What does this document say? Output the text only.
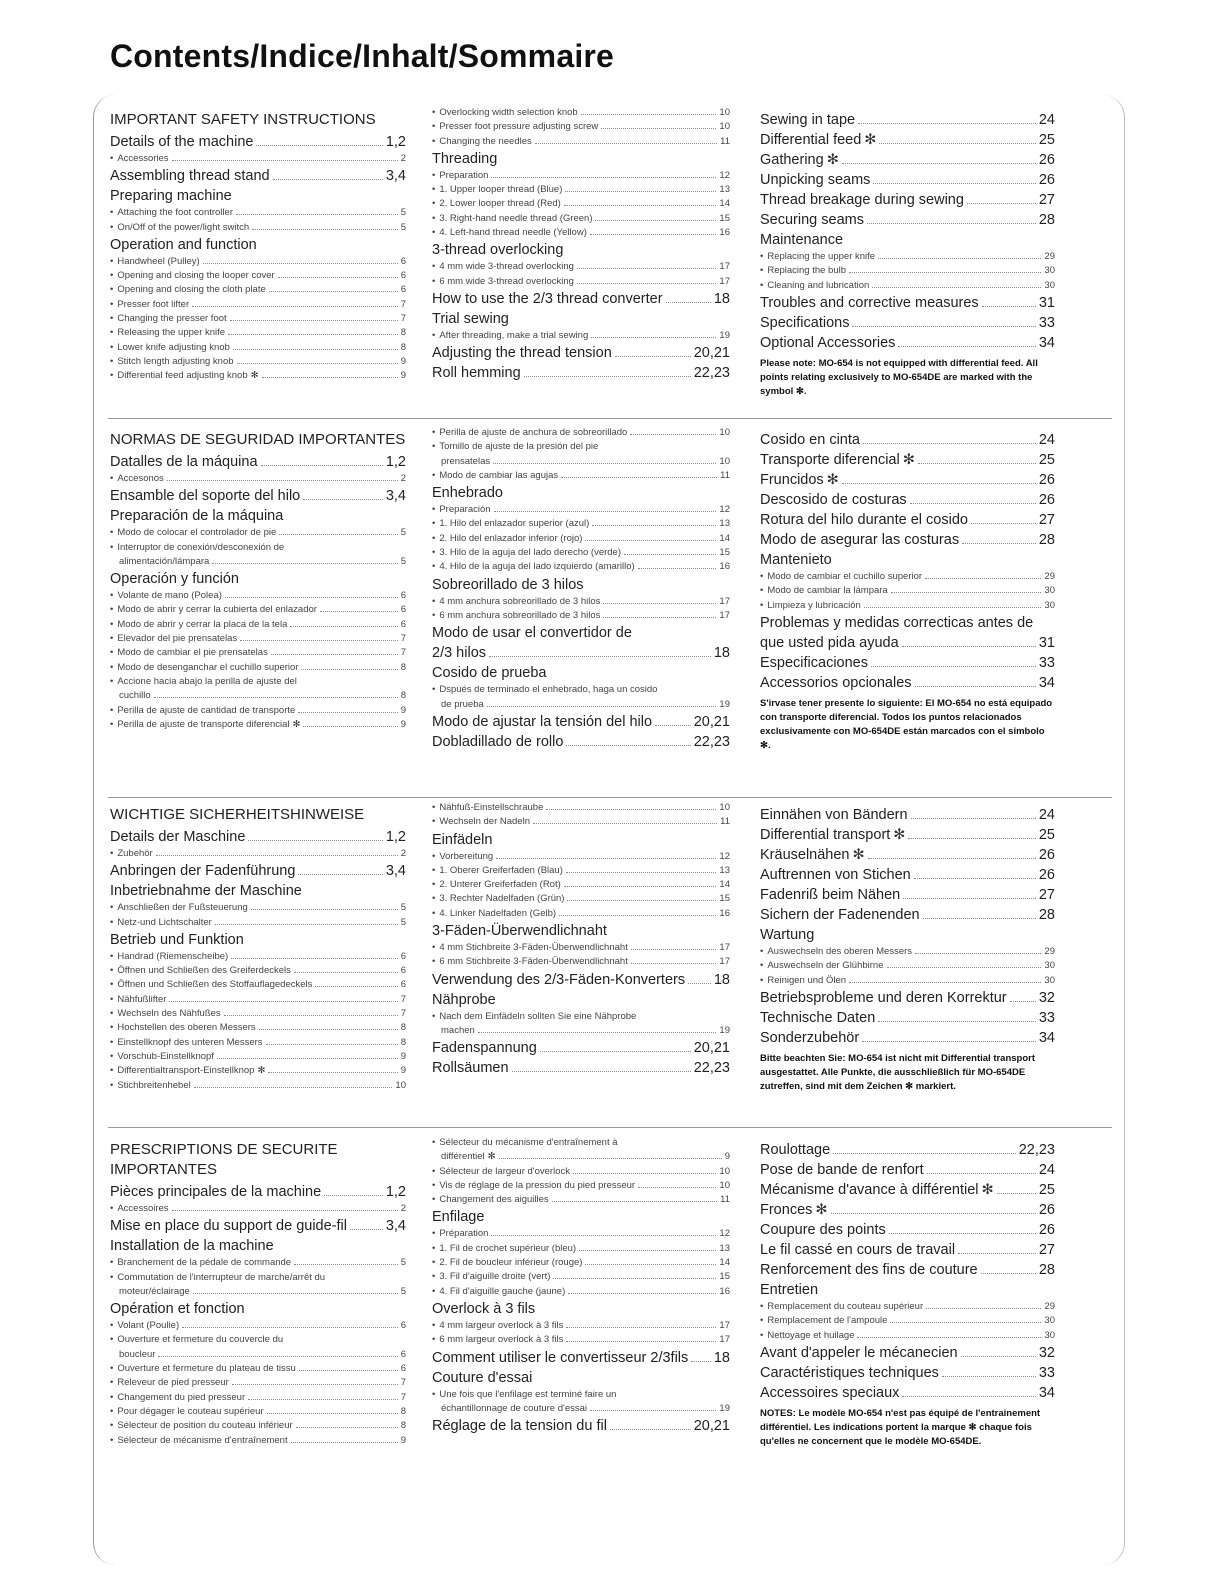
Contents/Indice/Inhalt/Sommaire
IMPORTANT SAFETY INSTRUCTIONS
Details of the machine	1,2
• Accessories	2
Assembling thread stand	3,4
Preparing machine
• Attaching the foot controller	5
• On/Off of the power/light switch	5
Operation and function
• Handwheel (Pulley)	6
• Opening and closing the looper cover	6
• Opening and closing the cloth plate	6
• Presser foot lifter	7
• Changing the presser foot	7
• Releasing the upper knife	8
• Lower knife adjusting knob	8
• Stitch length adjusting knob	9
• Differential feed adjusting knob ✻	9
• Overlocking width selection knob	10
• Presser foot pressure adjusting screw	10
• Changing the needles	11
Threading
• Preparation	12
• 1. Upper looper thread (Blue)	13
• 2. Lower looper thread (Red)	14
• 3. Right-hand needle thread (Green)	15
• 4. Left-hand thread needle (Yellow)	16
3-thread overlocking
• 4 mm wide 3-thread overlocking	17
• 6 mm wide 3-thread overlocking	17
How to use the 2/3 thread converter	18
Trial sewing
• After threading, make a trial sewing	19
Adjusting the thread tension	20,21
Roll hemming	22,23
Sewing in tape	24
Differential feed ✻	25
Gathering ✻	26
Unpicking seams	26
Thread breakage during sewing	27
Securing seams	28
Maintenance
• Replacing the upper knife	29
• Replacing the bulb	30
• Cleaning and lubrication	30
Troubles and corrective measures	31
Specifications	33
Optional Accessories	34
Please note: MO-654 is not equipped with differential feed. All points relating exclusively to MO-654DE are marked with the symbol ✻.
NORMAS DE SEGURIDAD IMPORTANTES
Datalles de la máquina	1,2
• Accesonos	2
Ensamble del soporte del hilo	3,4
Preparación de la máquina
• Modo de colocar el controlador de pie	5
• Interruptor de conexión/desconexión de
alimentación/lámpara	5
Operación y función
• Volante de mano (Polea)	6
• Modo de abrir y cerrar la cubierta del enlazador	6
• Modo de abrir y cerrar la placa de la tela	6
• Elevador del pie prensatelas	7
• Modo de cambiar el pie prensatelas	7
• Modo de desenganchar el cuchillo superior	8
• Accione hacia abajo la perilla de ajuste del
cuchillo	8
• Perilla de ajuste de cantidad de transporte	9
• Perilla de ajuste de transporte diferencial ✻	9
• Perilla de ajuste de anchura de sobreorillado	10
• Tornillo de ajuste de la presión del pie
prensatelas	10
• Modo de cambiar las agujas	11
Enhebrado
• Preparación	12
• 1. Hilo del enlazador superior (azul)	13
• 2. Hilo del enlazador inferior (rojo)	14
• 3. Hilo de la aguja del lado derecho (verde)	15
• 4. Hilo de la aguja del lado izquierdo (amarillo)	16
Sobreorillado de 3 hilos
• 4 mm anchura sobreorillado de 3 hilos	17
• 6 mm anchura sobreorillado de 3 hilos	17
Modo de usar el convertidor de
2/3 hilos	18
Cosido de prueba
• Dspués de terminado el enhebrado, haga un cosido
de prueba	19
Modo de ajustar la tensión del hilo	20,21
Dobladillado de rollo	22,23
Cosido en cinta	24
Transporte diferencial ✻	25
Fruncidos ✻	26
Descosido de costuras	26
Rotura del hilo durante el cosido	27
Modo de asegurar las costuras	28
Mantenieto
• Modo de cambiar el cuchillo superior	29
• Modo de cambiar la lámpara	30
• Limpieza y lubricación	30
Problemas y medidas correcticas antes de
que usted pida ayuda	31
Especificaciones	33
Accessorios opcionales	34
S'irvase tener presente lo siguiente: El MO-654 no está equipado con transporte diferencial. Todos los puntos relacionados exclusivamente con MO-654DE están marcados con el simbolo ✻.
WICHTIGE SICHERHEITSHINWEISE
Details der Maschine	1,2
• Zubehör	2
Anbringen der Fadenführung	3,4
Inbetriebnahme der Maschine
• Anschließen der Fußsteuerung	5
• Netz-und Lichtschalter	5
Betrieb und Funktion
• Handrad (Riemenscheibe)	6
• Öffnen und Schließen des Greiferdeckels	6
• Öffnen und Schließen des Stoffauflagedeckels	6
• Nähfußlifter	7
• Wechseln des Nähfußes	7
• Hochstellen des oberen Messers	8
• Einstellknopf des unteren Messers	8
• Vorschub-Einstellknopf	9
• Differentialtransport-Einstellknop ✻	9
• Stichbreitenhebel	10
• Nähfuß-Einstellschraube	10
• Wechseln der Nadeln	11
Einfädeln
• Vorbereitung	12
• 1. Oberer Greiferfaden (Blau)	13
• 2. Unterer Greiferfaden (Rot)	14
• 3. Rechter Nadelfaden (Grün)	15
• 4. Linker Nadelfaden (Gelb)	16
3-Fäden-Überwendlichnaht
• 4 mm Stichbreite 3-Fäden-Überwendlichnaht	17
• 6 mm Stichbreite 3-Fäden-Überwendlichnaht	17
Verwendung des 2/3-Fäden-Konverters 18
Nähprobe
• Nach dem Einfädeln sollten Sie eine Nähprobe
machen	19
Fadenspannung	20,21
Rollsäumen	22,23
Einnähen von Bändern	24
Differential transport ✻	25
Kräuselnähen ✻	26
Auftrennen von Stichen	26
Fadenriß beim Nähen	27
Sichern der Fadenenden	28
Wartung
• Auswechseln des oberen Messers	29
• Auswechseln der Glühbirne	30
• Reinigen und Ölen	30
Betriebsprobleme und deren Korrektur 32
Technische Daten	33
Sonderzubehör	34
Bitte beachten Sie: MO-654 ist nicht mit Differential transport ausgestattet. Alle Punkte, die ausschließlich für MO-654DE zutreffen, sind mit dem Zeichen ✻ markiert.
PRESCRIPTIONS DE SECURITE IMPORTANTES
Pièces principales de la machine	1,2
• Accessoires	2
Mise en place du support de guide-fil	3,4
Installation de la machine
• Branchement de la pédale de commande	5
• Commutation de l'interrupteur de marche/arrêt du
moteur/éclairage	5
Opération et fonction
• Volant (Poulie)	6
• Ouverture et fermeture du couvercle du
boucleur	6
• Ouverture et fermeture du plateau de tissu	6
• Releveur de pied presseur	7
• Changement du pied presseur	7
• Pour dégager le couteau supérieur	8
• Sélecteur de position du couteau inférieur	8
• Sélecteur de mécanisme d'entraînement	9
• Sélecteur du mécanisme d'entraînement à
différentiel ✻	9
• Sélecteur de largeur d'overlock	10
• Vis de réglage de la pression du pied presseur	10
• Changement des aiguilles	11
Enfilage
• Préparation	12
• 1. Fil de crochet supérieur (bleu)	13
• 2. Fil de boucleur inférieur (rouge)	14
• 3. Fil d'aiguille droite (vert)	15
• 4. Fil d'aiguille gauche (jaune)	16
Overlock à 3 fils
• 4 mm largeur overlock à 3 fils	17
• 6 mm largeur overlock à 3 fils	17
Comment utiliser le convertisseur 2/3fils 18
Couture d'essai
• Une fois que l'enfilage est terminé faire un
échantillonnage de couture d'essai	19
Réglage de la tension du fil	20,21
Roulottage	22,23
Pose de bande de renfort	24
Mécanisme d'avance à différentiel ✻	25
Fronces ✻	26
Coupure des points	26
Le fil cassé en cours de travail	27
Renforcement des fins de couture	28
Entretien
• Remplacement du couteau supérieur	29
• Remplacement de l'ampoule	30
• Nettoyage et huilage	30
Avant d'appeler le mécanecien	32
Caractéristiques techniques	33
Accessoires speciaux	34
NOTES: Le modèle MO-654 n'est pas équipé de l'entrainement différentiel. Les indications portent la marque ✻ chaque fois qu'elles ne concernent que le modèle MO-654DE.
